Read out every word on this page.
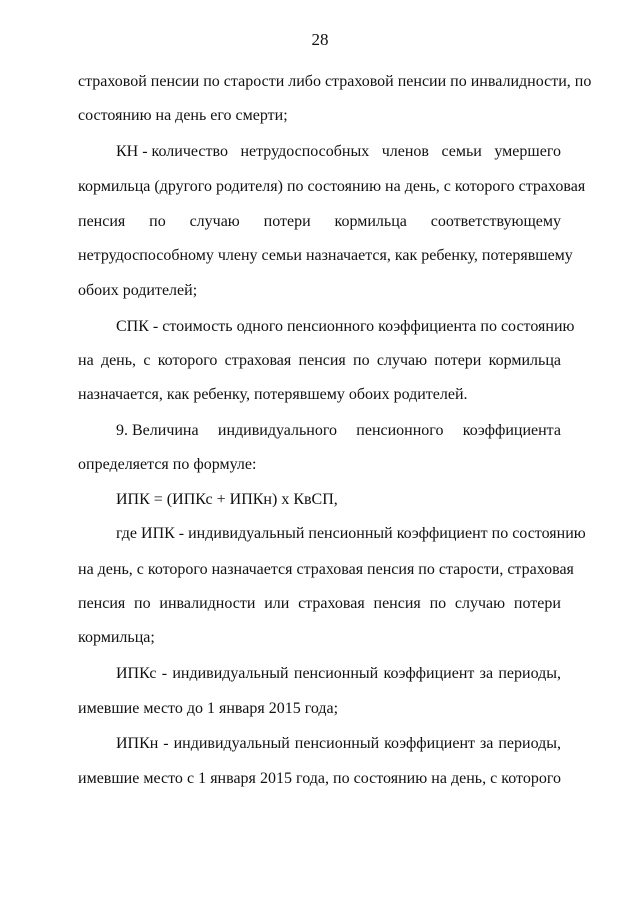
28
страховой пенсии по старости либо страховой пенсии по инвалидности, по
состоянию на день его смерти;
КН - количество нетрудоспособных членов семьи умершего
кормильца (другого родителя) по состоянию на день, с которого страховая
пенсия по случаю потери кормильца соответствующему
нетрудоспособному члену семьи назначается, как ребенку, потерявшему
обоих родителей;
СПК - стоимость одного пенсионного коэффициента по состоянию
на день, с которого страховая пенсия по случаю потери кормильца
назначается, как ребенку, потерявшему обоих родителей.
9. Величина индивидуального пенсионного коэффициента
определяется по формуле:
ИПК = (ИПКс + ИПКн) х КвСП,
где ИПК - индивидуальный пенсионный коэффициент по состоянию
на день, с которого назначается страховая пенсия по старости, страховая
пенсия по инвалидности или страховая пенсия по случаю потери
кормильца;
ИПКс - индивидуальный пенсионный коэффициент за периоды,
имевшие место до 1 января 2015 года;
ИПКн - индивидуальный пенсионный коэффициент за периоды,
имевшие место с 1 января 2015 года, по состоянию на день, с которого
